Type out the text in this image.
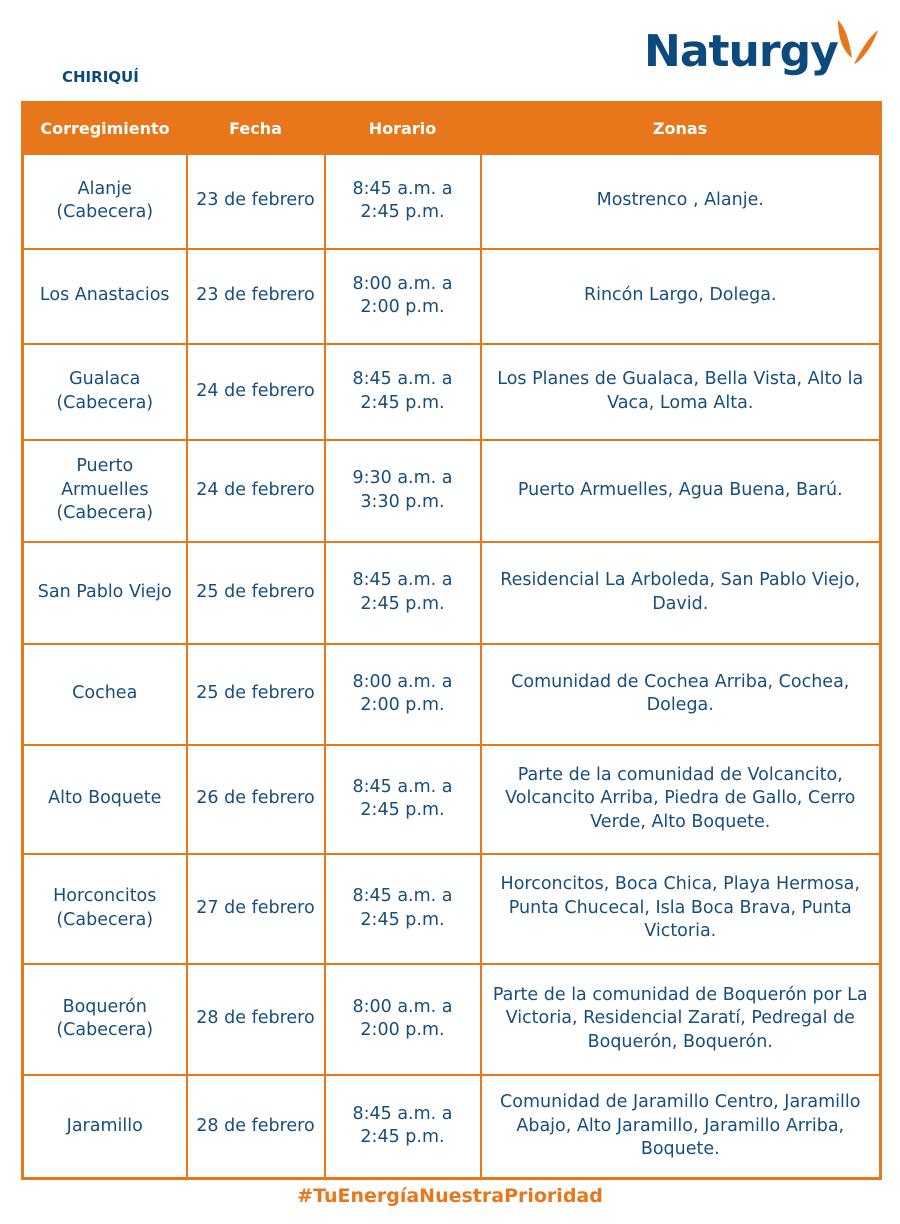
Naturgy
CHIRIQUÍ
Corregimiento	Fecha	Horario	Zonas
Alanje (Cabecera)	23 de febrero	8:45 a.m. a 2:45 p.m.	Mostrenco , Alanje.
Los Anastacios	23 de febrero	8:00 a.m. a 2:00 p.m.	Rincón Largo, Dolega.
Gualaca (Cabecera)	24 de febrero	8:45 a.m. a 2:45 p.m.	Los Planes de Gualaca, Bella Vista, Alto la Vaca, Loma Alta.
Puerto Armuelles (Cabecera)	24 de febrero	9:30 a.m. a 3:30 p.m.	Puerto Armuelles, Agua Buena, Barú.
San Pablo Viejo	25 de febrero	8:45 a.m. a 2:45 p.m.	Residencial La Arboleda, San Pablo Viejo, David.
Cochea	25 de febrero	8:00 a.m. a 2:00 p.m.	Comunidad de Cochea Arriba, Cochea, Dolega.
Alto Boquete	26 de febrero	8:45 a.m. a 2:45 p.m.	Parte de la comunidad de Volcancito, Volcancito Arriba, Piedra de Gallo, Cerro Verde, Alto Boquete.
Horconcitos (Cabecera)	27 de febrero	8:45 a.m. a 2:45 p.m.	Horconcitos, Boca Chica, Playa Hermosa, Punta Chucecal, Isla Boca Brava, Punta Victoria.
Boquerón (Cabecera)	28 de febrero	8:00 a.m. a 2:00 p.m.	Parte de la comunidad de Boquerón por La Victoria, Residencial Zaratí, Pedregal de Boquerón, Boquerón.
Jaramillo	28 de febrero	8:45 a.m. a 2:45 p.m.	Comunidad de Jaramillo Centro, Jaramillo Abajo, Alto Jaramillo, Jaramillo Arriba, Boquete.
#TuEnergíaNuestraPrioridad
